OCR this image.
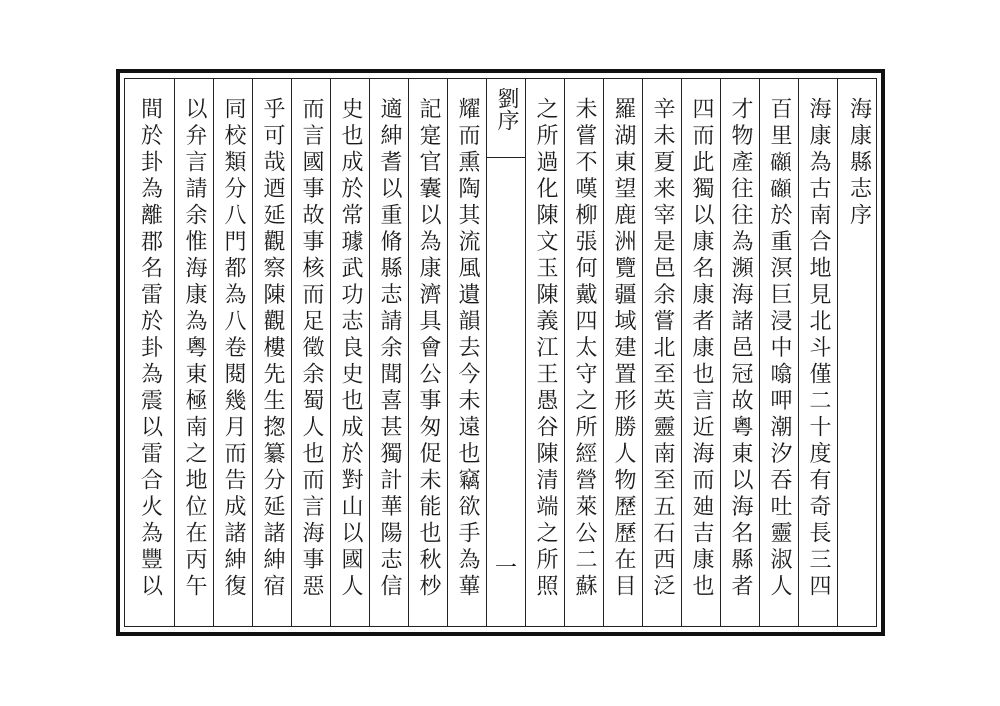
海康縣志序
海康為古南合地見北斗僅二十度有奇長三四
百里𥗳𥗳於重溟巨浸中噏呷潮汐吞吐靈淑人
才物產往往為瀕海諸邑冠故粵東以海名縣者
四而此獨以康名康者康也言近海而廸吉康也
辛未夏来宰是邑余嘗北至英靈南至五石西泛
羅湖東望鹿洲覽疆域建置形勝人物歷歷在目
未嘗不嘆柳張何戴四太守之所經營萊公二蘇
之所過化陳文玉陳義江王愚谷陳清端之所照
劉序
一
耀而熏陶其流風遺韻去今未遠也竊欲手為蓽
記寔官囊以為康濟具會公事匆促未能也秋杪
適紳耆以重脩縣志請余聞喜甚獨計華陽志信
史也成於常璩武功志良史也成於對山以國人
而言國事故事核而足徵余蜀人也而言海事惡
乎可哉迺延觀察陳觀樓先生揔纂分延諸紳宿
同校類分八門都為八卷閱幾月而告成諸紳復
以弁言請余惟海康為粵東極南之地位在丙午
間於卦為離郡名雷於卦為震以雷合火為豐以
